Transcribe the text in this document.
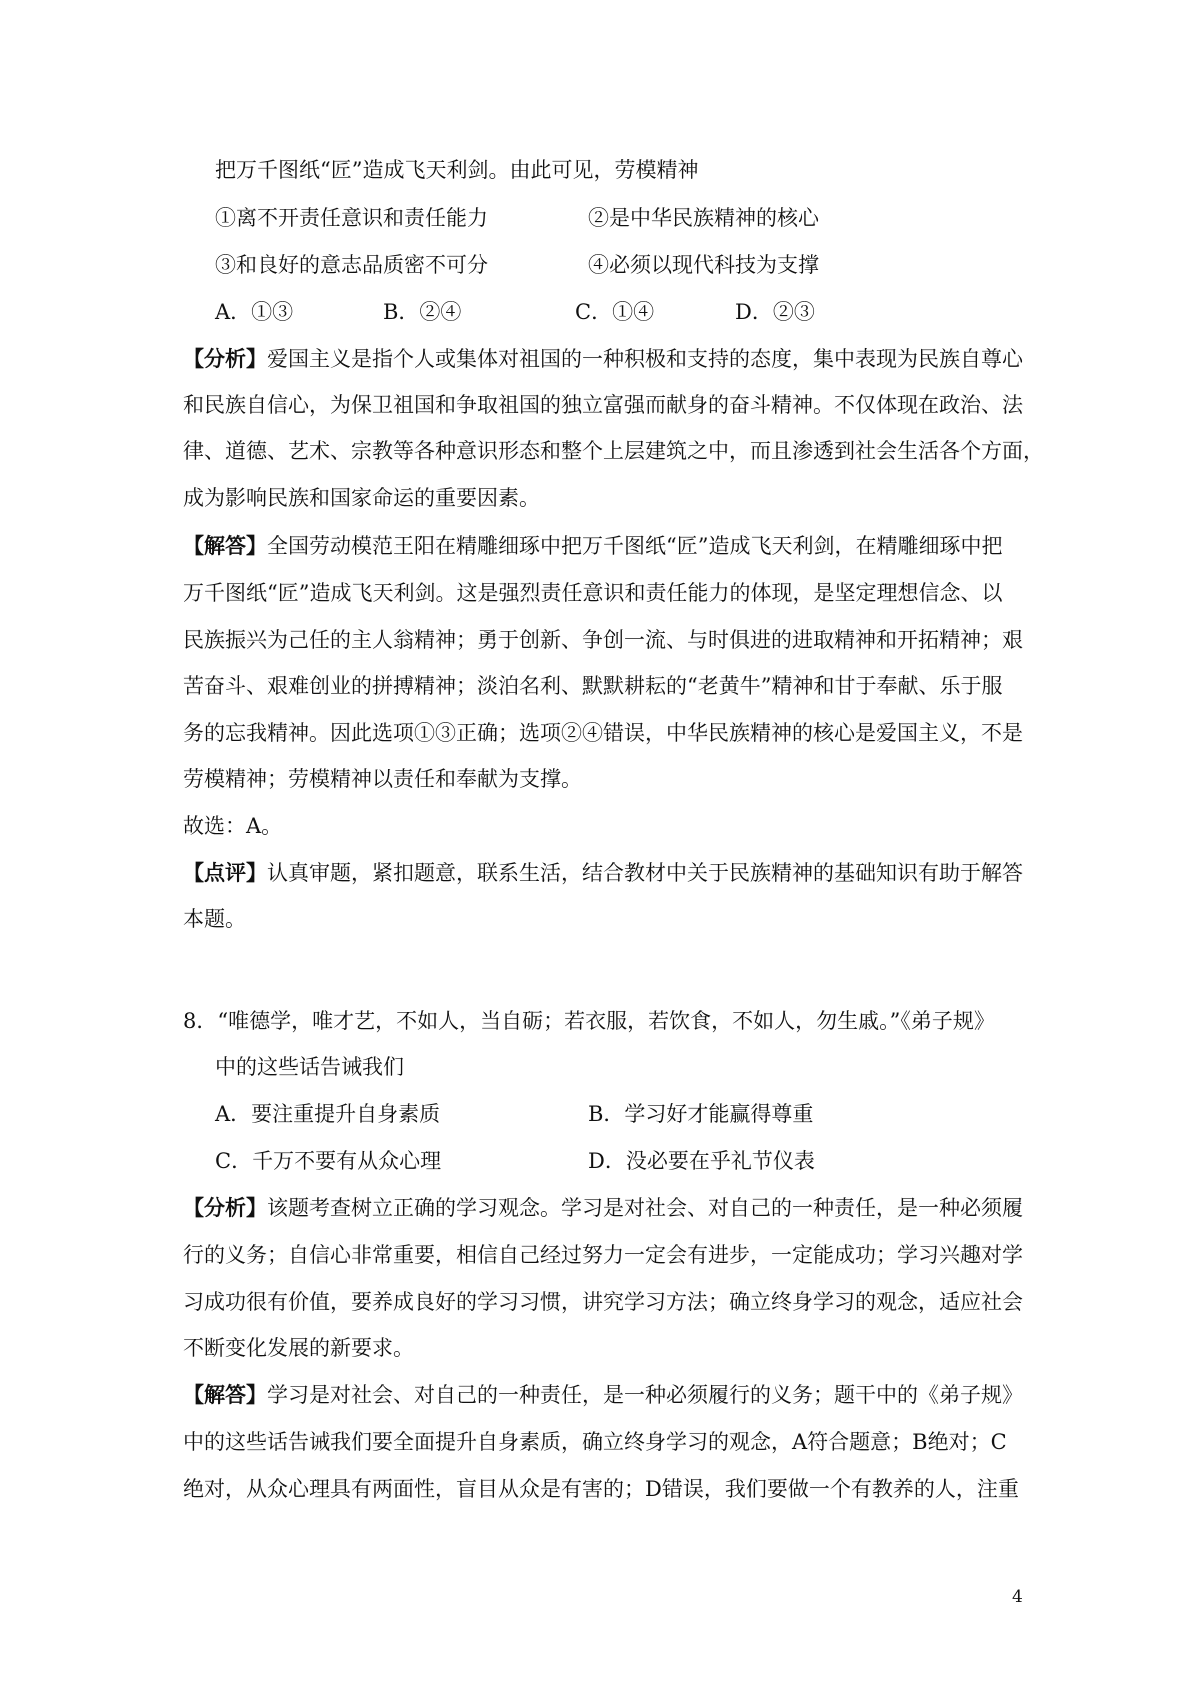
把万千图纸“匠”造成飞天利剑。由此可见，劳模精神
①离不开责任意识和责任能力	②是中华民族精神的核心
③和良好的意志品质密不可分	④必须以现代科技为支撑
A．①③	B．②④	C．①④	D．②③
【分析】爱国主义是指个人或集体对祖国的一种积极和支持的态度，集中表现为民族自尊心
和民族自信心，为保卫祖国和争取祖国的独立富强而献身的奋斗精神。不仅体现在政治、法
律、道德、艺术、宗教等各种意识形态和整个上层建筑之中，而且渗透到社会生活各个方面，
成为影响民族和国家命运的重要因素。
【解答】全国劳动模范王阳在精雕细琢中把万千图纸“匠”造成飞天利剑，在精雕细琢中把
万千图纸“匠”造成飞天利剑。这是强烈责任意识和责任能力的体现，是坚定理想信念、以
民族振兴为己任的主人翁精神；勇于创新、争创一流、与时俱进的进取精神和开拓精神；艰
苦奋斗、艰难创业的拼搏精神；淡泊名利、默默耕耘的“老黄牛”精神和甘于奉献、乐于服
务的忘我精神。因此选项①③正确；选项②④错误，中华民族精神的核心是爱国主义，不是
劳模精神；劳模精神以责任和奉献为支撑。
故选：A。
【点评】认真审题，紧扣题意，联系生活，结合教材中关于民族精神的基础知识有助于解答
本题。
8．“唯德学，唯才艺，不如人，当自砺；若衣服，若饮食，不如人，勿生戚。”《弟子规》
中的这些话告诫我们
A．要注重提升自身素质	B．学习好才能赢得尊重
C．千万不要有从众心理	D．没必要在乎礼节仪表
【分析】该题考查树立正确的学习观念。学习是对社会、对自己的一种责任，是一种必须履
行的义务；自信心非常重要，相信自己经过努力一定会有进步，一定能成功；学习兴趣对学
习成功很有价值，要养成良好的学习习惯，讲究学习方法；确立终身学习的观念，适应社会
不断变化发展的新要求。
【解答】学习是对社会、对自己的一种责任，是一种必须履行的义务；题干中的《弟子规》
中的这些话告诫我们要全面提升自身素质，确立终身学习的观念，A符合题意；B绝对；C
绝对，从众心理具有两面性，盲目从众是有害的；D错误，我们要做一个有教养的人，注重
4
